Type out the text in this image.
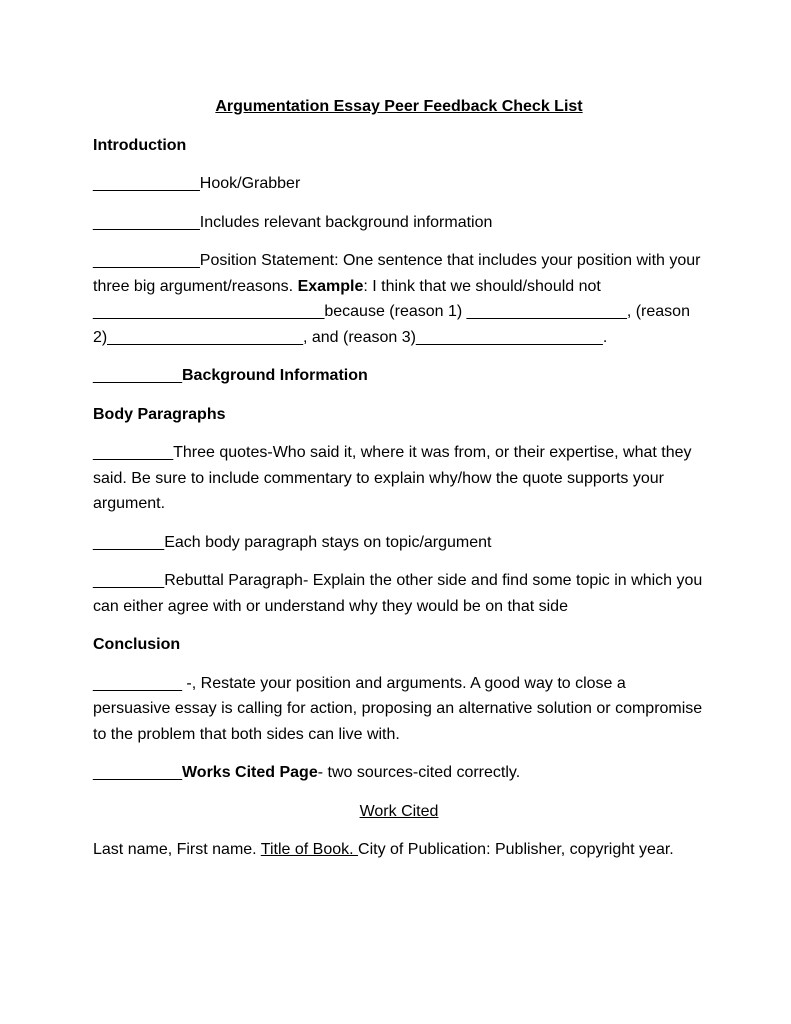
Argumentation Essay Peer Feedback Check List
Introduction

____________Hook/Grabber

____________Includes relevant background information

____________Position Statement: One sentence that includes your position with your three big argument/reasons. Example: I think that we should/should not __________________________because (reason 1) __________________, (reason 2)______________________, and (reason 3)_____________________.

__________Background Information

Body Paragraphs

_________Three quotes-Who said it, where it was from, or their expertise, what they said. Be sure to include commentary to explain why/how the quote supports your argument.

________Each body paragraph stays on topic/argument

________Rebuttal Paragraph- Explain the other side and find some topic in which you can either agree with or understand why they would be on that side

Conclusion

__________ -, Restate your position and arguments. A good way to close a persuasive essay is calling for action, proposing an alternative solution or compromise to the problem that both sides can live with.

__________Works Cited Page- two sources-cited correctly.

Work Cited

Last name, First name. Title of Book. City of Publication: Publisher, copyright year.
